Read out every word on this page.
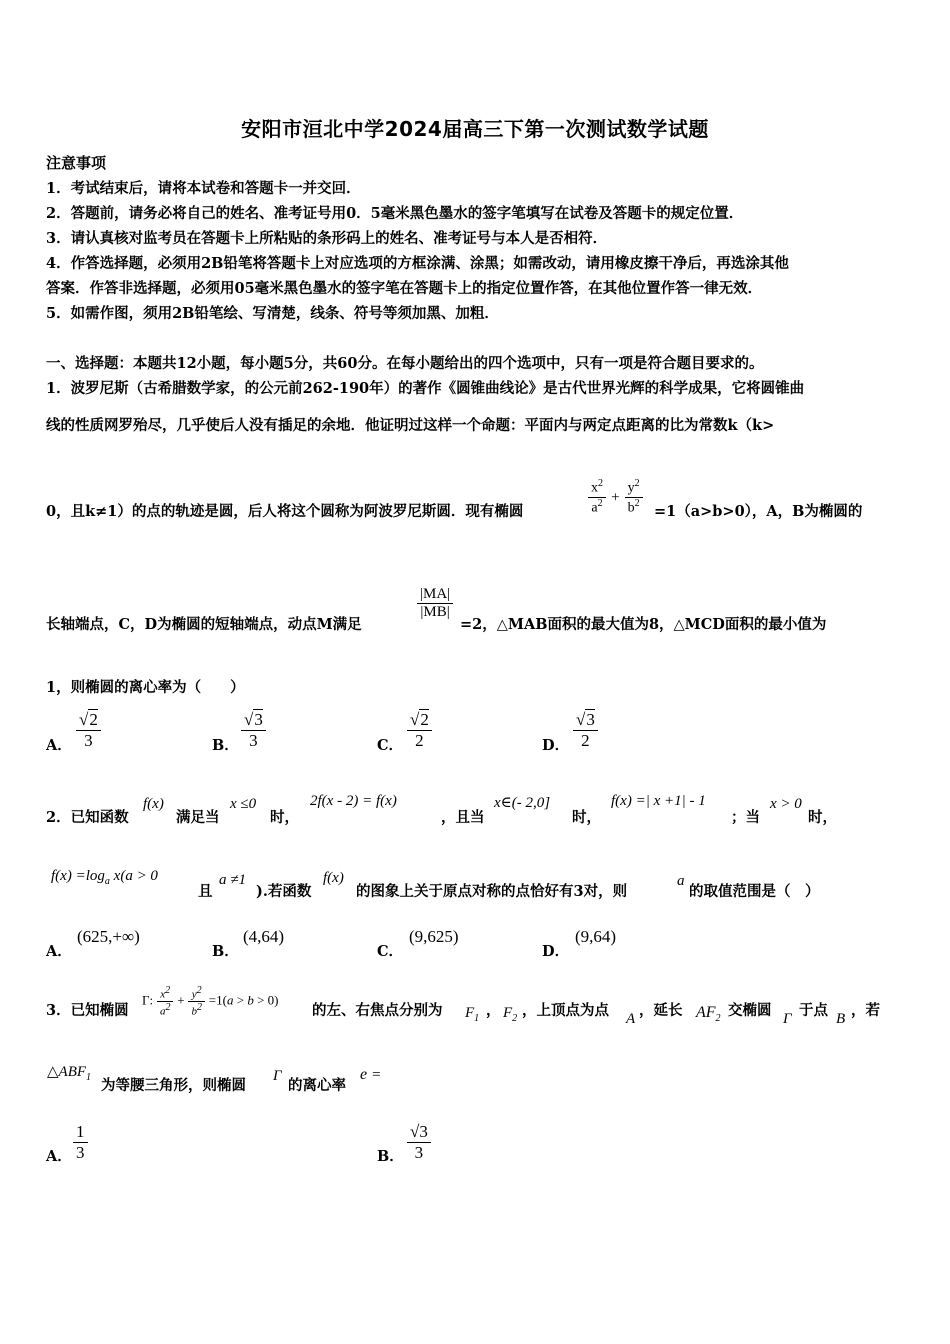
安阳市洹北中学2024届高三下第一次测试数学试题
注意事项
1．考试结束后，请将本试卷和答题卡一并交回．
2．答题前，请务必将自己的姓名、准考证号用0．5毫米黑色墨水的签字笔填写在试卷及答题卡的规定位置．
3．请认真核对监考员在答题卡上所粘贴的条形码上的姓名、准考证号与本人是否相符．
4．作答选择题，必须用2B铅笔将答题卡上对应选项的方框涂满、涂黑；如需改动，请用橡皮擦干净后，再选涂其他
答案．作答非选择题，必须用05毫米黑色墨水的签字笔在答题卡上的指定位置作答，在其他位置作答一律无效．
5．如需作图，须用2B铅笔绘、写清楚，线条、符号等须加黑、加粗．
一、选择题：本题共12小题，每小题5分，共60分。在每小题给出的四个选项中，只有一项是符合题目要求的。
1．波罗尼斯（古希腊数学家，的公元前262-190年）的著作《圆锥曲线论》是古代世界光辉的科学成果，它将圆锥曲
线的性质网罗殆尽，几乎使后人没有插足的余地．他证明过这样一个命题：平面内与两定点距离的比为常数k（k>
0，且k≠1）的点的轨迹是圆，后人将这个圆称为阿波罗尼斯圆．现有椭圆	$\frac{x^2}{a^2} + \frac{y^2}{b^2} =1(a>b>0)$，A，B为椭圆的
长轴端点，C，D为椭圆的短轴端点，动点M满足
$\frac{|MA|}{|MB|}$
=2，△MAB面积的最大值为8，△MCD面积的最小值为
1，则椭圆的离心率为（　　）
A． $\frac{√2}{3}$	B． $\frac{√3}{3}$	C． $\frac{√2}{2}$	D． $\frac{√3}{2}$
2．已知函数
f(x)
满足当
x ≤0
时，
2f(x - 2) = f(x)
，且当
x∈(- 2,0]
时，
f(x) =| x +1| - 1
；当
x > 0
时，
$f(x) =\log_a$ x(a > 0
且
a ≠1
).若函数
f(x)
的图象上关于原点对称的点恰好有3对，则
a
的取值范围是（　）
A．
(625,+∞)
B．
(4,64)
C．
(9,625)
D．
(9,64)
3．已知椭圆
Γ: $\frac{x^2}{a^2} + \frac{y^2}{b^2} =1(a > b > 0)$
的左、右焦点分别为 $F_1$ ， $F_2$ ，上顶点为点 A ，延长 $AF_2$ 交椭圆 Γ 于点 B ，若
$\triangle ABF_1$ 为等腰三角形，则椭圆
Γ
的离心率
e =
A． $\frac{1}{3}$	B． $\frac{√3}{3}$
